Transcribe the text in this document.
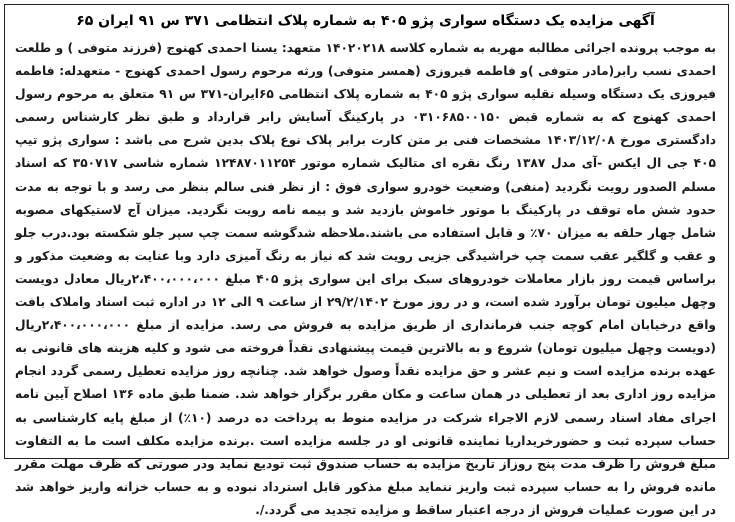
آگهی مزایده یک دستگاه سواری پژو ۴۰۵ به شماره پلاک انتظامی ۳۷۱ س ۹۱ ایران ۶۵

به موجب پرونده اجرائی مطالبه مهریه به شماره کلاسه ۱۴۰۲۰۲۱۸ متعهد: یسنا احمدی کهنوج (فرزند متوفی ) و طلعت احمدی نسب رابر(مادر متوفی )و فاطمه فیروزی (همسر متوفی) ورثه مرحوم رسول احمدی کهنوج - متعهدله: فاطمه فیروزی یک دستگاه وسیله نقلیه سواری پژو ۴۰۵ به شماره پلاک انتظامی ۶۵ایران-۳۷۱ س ۹۱ متعلق به مرحوم رسول احمدی کهنوج که به شماره قبض ۰۳۱۰۶۸۵۰۰۱۵۰ در پارکینگ آسایش رابر قرارداد و طبق نظر کارشناس رسمی دادگستری مورخ ۱۴۰۳/۱۲/۰۸ مشخصات فنی بر متن کارت برابر پلاک نوع پلاک بدین شرح می باشد : سواری پژو تیپ ۴۰۵ جی ال ایکس -آی مدل ۱۳۸۷ رنگ نقره ای متالیک شماره موتور ۱۲۴۸۷۰۱۱۲۵۴ شماره شاسی ۳۵۰۷۱۷ که اسناد مسلم الصدور رویت نگردید (منفی) وضعیت خودرو سواری فوق : از نظر فنی سالم بنظر می رسد و با توجه به مدت حدود شش ماه توقف در پارکینگ با موتور خاموش بازدید شد و بیمه نامه رویت نگردید. میزان آج لاستیکهای مصوبه شامل چهار حلقه به میزان ۷۰٪ و قابل استفاده می باشند.ملاحظه شدگوشه سمت چپ سپر جلو شکسته بود.درب جلو و عقب و گلگیر عقب سمت چپ خراشیدگی جزیی رویت شد که نیاز به رنگ آمیزی دارد وبا عنایت به وضعیت مذکور و براساس قیمت روز بازار معاملات خودروهای سبک برای این سواری پژو ۴۰۵ مبلغ ۲،۴۰۰،۰۰۰،۰۰۰ریال معادل دویست وچهل میلیون تومان برآورد شده است، و در روز مورخ ۲۹/۲/۱۴۰۲ از ساعت ۹ الی ۱۲ در اداره ثبت اسناد واملاک بافت واقع درخیابان امام کوچه جنب فرمانداری از طریق مزایده به فروش می رسد. مزایده از مبلغ ۲،۴۰۰،۰۰۰،۰۰۰ریال (دویست وچهل میلیون تومان) شروع و به بالاترین قیمت پیشنهادی نقداً فروخته می شود و کلیه هزینه های قانونی به عهده برنده مزایده است و نیم عشر و حق مزایده نقداً وصول خواهد شد. چنانچه روز مزایده تعطیل رسمی گردد انجام مزایده روز اداری بعد از تعطیلی در همان ساعت و مکان مقرر برگزار خواهد شد. ضمنا طبق ماده ۱۳۶ اصلاح آیین نامه اجرای مفاد اسناد رسمی لازم الاجراء شرکت در مزایده منوط به پرداخت ده درصد (۱۰٪) از مبلغ پایه کارشناسی به حساب سپرده ثبت و حضورخریداریا نماینده قانونی او در جلسه مزایده است .برنده مزایده مکلف است ما به التفاوت مبلغ فروش را ظرف مدت پنج روزاز تاریخ مزایده به حساب صندوق ثبت تودیع نماید ودر صورتی که ظرف مهلت مقرر مانده فروش را به حساب سپرده ثبت واریز ننماید مبلغ مذکور قابل استرداد نبوده و به حساب خزانه واریز خواهد شد در این صورت عملیات فروش از درجه اعتبار ساقط و مزایده تجدید می گردد./.
